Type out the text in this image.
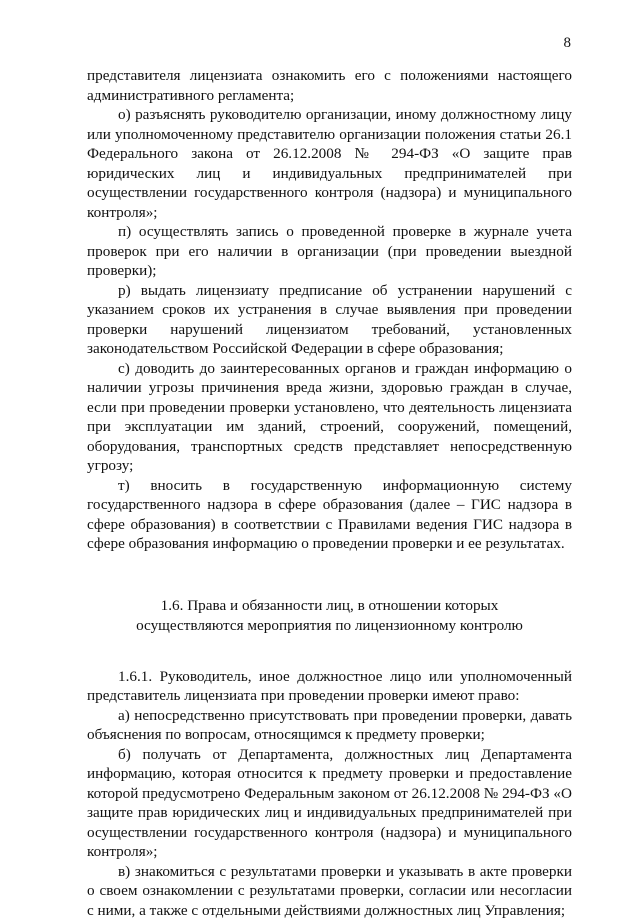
8

представителя лицензиата ознакомить его с положениями настоящего административного регламента;

о) разъяснять руководителю организации, иному должностному лицу или уполномоченному представителю организации положения статьи 26.1 Федерального закона от 26.12.2008 № 294-ФЗ «О защите прав юридических лиц и индивидуальных предпринимателей при осуществлении государственного контроля (надзора) и муниципального контроля»;

п) осуществлять запись о проведенной проверке в журнале учета проверок при его наличии в организации (при проведении выездной проверки);

р) выдать лицензиату предписание об устранении нарушений с указанием сроков их устранения в случае выявления при проведении проверки нарушений лицензиатом требований, установленных законодательством Российской Федерации в сфере образования;

с) доводить до заинтересованных органов и граждан информацию о наличии угрозы причинения вреда жизни, здоровью граждан в случае, если при проведении проверки установлено, что деятельность лицензиата при эксплуатации им зданий, строений, сооружений, помещений, оборудования, транспортных средств представляет непосредственную угрозу;

т) вносить в государственную информационную систему государственного надзора в сфере образования (далее – ГИС надзора в сфере образования) в соответствии с Правилами ведения ГИС надзора в сфере образования информацию о проведении проверки и ее результатах.

1.6. Права и обязанности лиц, в отношении которых
осуществляются мероприятия по лицензионному контролю

1.6.1. Руководитель, иное должностное лицо или уполномоченный представитель лицензиата при проведении проверки имеют право:

а) непосредственно присутствовать при проведении проверки, давать объяснения по вопросам, относящимся к предмету проверки;

б) получать от Департамента, должностных лиц Департамента информацию, которая относится к предмету проверки и предоставление которой предусмотрено Федеральным законом от 26.12.2008 № 294-ФЗ «О защите прав юридических лиц и индивидуальных предпринимателей при осуществлении государственного контроля (надзора) и муниципального контроля»;

в) знакомиться с результатами проверки и указывать в акте проверки о своем ознакомлении с результатами проверки, согласии или несогласии с ними, а также с отдельными действиями должностных лиц Управления;
